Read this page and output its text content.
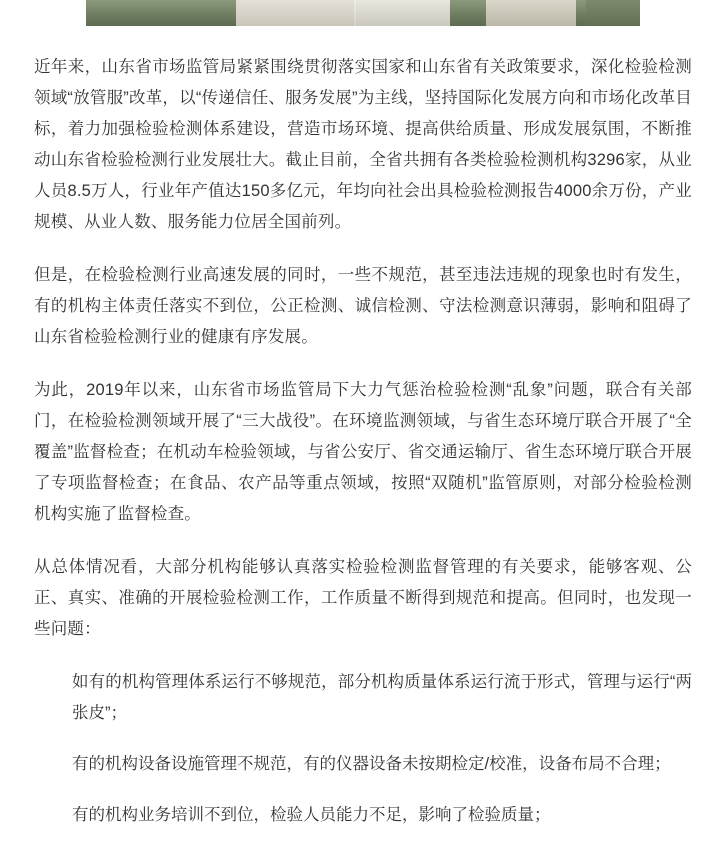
近年来，山东省市场监管局紧紧围绕贯彻落实国家和山东省有关政策要求，深化检验检测领域“放管服”改革，以“传递信任、服务发展”为主线，坚持国际化发展方向和市场化改革目标，着力加强检验检测体系建设，营造市场环境、提高供给质量、形成发展氛围，不断推动山东省检验检测行业发展壮大。截止目前，全省共拥有各类检验检测机构3296家，从业人员8.5万人，行业年产值达150多亿元，年均向社会出具检验检测报告4000余万份，产业规模、从业人数、服务能力位居全国前列。

但是，在检验检测行业高速发展的同时，一些不规范，甚至违法违规的现象也时有发生，有的机构主体责任落实不到位，公正检测、诚信检测、守法检测意识薄弱，影响和阻碍了山东省检验检测行业的健康有序发展。

为此，2019年以来，山东省市场监管局下大力气惩治检验检测“乱象”问题，联合有关部门，在检验检测领域开展了“三大战役”。在环境监测领域，与省生态环境厅联合开展了“全覆盖”监督检查；在机动车检验领域，与省公安厅、省交通运输厅、省生态环境厅联合开展了专项监督检查；在食品、农产品等重点领域，按照“双随机”监管原则，对部分检验检测机构实施了监督检查。

从总体情况看，大部分机构能够认真落实检验检测监督管理的有关要求，能够客观、公正、真实、准确的开展检验检测工作，工作质量不断得到规范和提高。但同时，也发现一些问题：

如有的机构管理体系运行不够规范，部分机构质量体系运行流于形式，管理与运行“两张皮”；

有的机构设备设施管理不规范，有的仪器设备未按期检定/校准，设备布局不合理；

有的机构业务培训不到位，检验人员能力不足，影响了检验质量；
